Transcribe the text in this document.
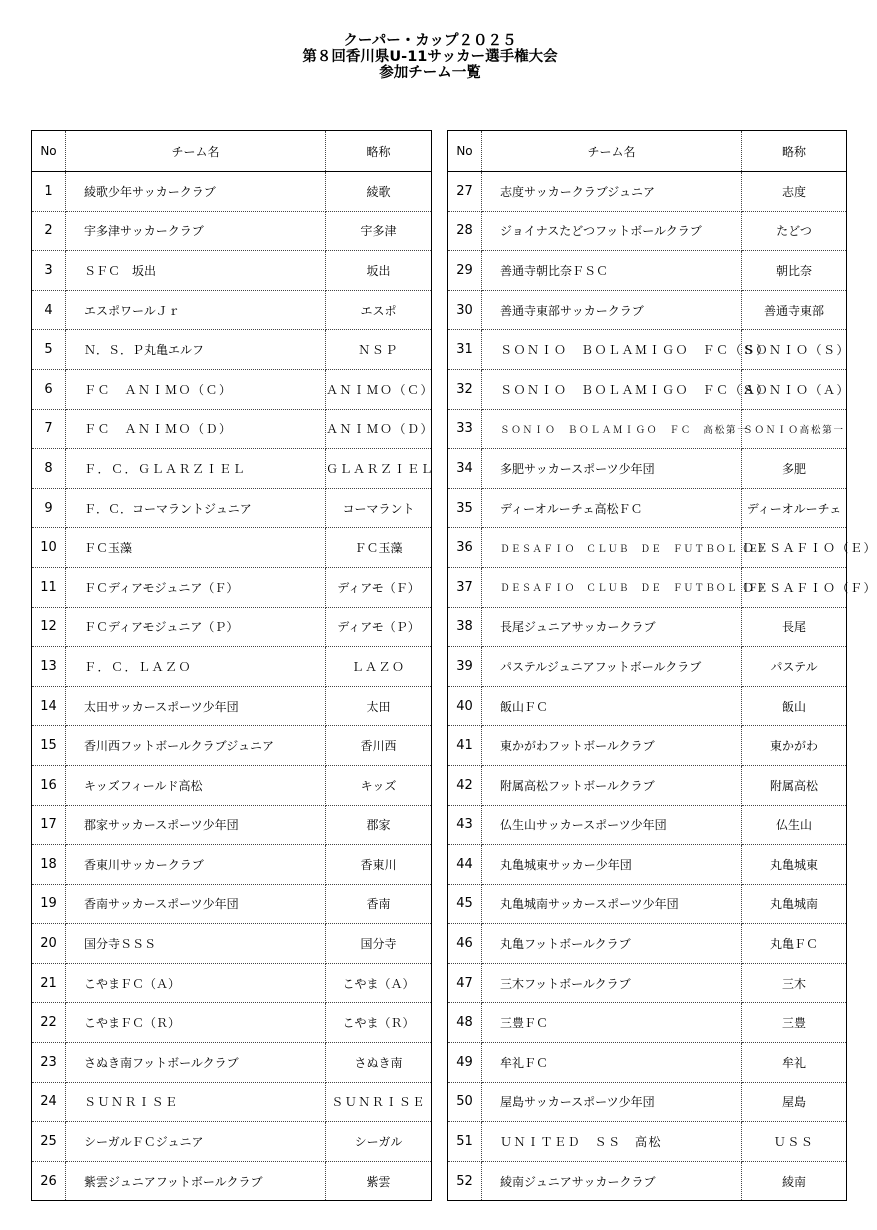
クーパー・カップ２０２５
第８回香川県U-11サッカー選手権大会
参加チーム一覧
No	チーム名	略称
1	綾歌少年サッカークラブ	綾歌
2	宇多津サッカークラブ	宇多津
3	ＳＦＣ　坂出	坂出
4	エスポワールＪｒ	エスポ
5	Ｎ．Ｓ．Ｐ丸亀エルフ	ＮＳＰ
6	ＦＣ　ＡＮＩＭＯ（Ｃ）	ＡＮＩＭＯ（Ｃ）
7	ＦＣ　ＡＮＩＭＯ（Ｄ）	ＡＮＩＭＯ（Ｄ）
8	Ｆ．Ｃ．ＧＬＡＲＺＩＥＬ	ＧＬＡＲＺＩＥＬ
9	Ｆ．Ｃ．コーマラントジュニア	コーマラント
10	ＦＣ玉藻	ＦＣ玉藻
11	ＦＣディアモジュニア（Ｆ）	ディアモ（Ｆ）
12	ＦＣディアモジュニア（Ｐ）	ディアモ（Ｐ）
13	Ｆ．Ｃ．ＬＡＺＯ	ＬＡＺＯ
14	太田サッカースポーツ少年団	太田
15	香川西フットボールクラブジュニア	香川西
16	キッズフィールド高松	キッズ
17	郡家サッカースポーツ少年団	郡家
18	香東川サッカークラブ	香東川
19	香南サッカースポーツ少年団	香南
20	国分寺ＳＳＳ	国分寺
21	こやまＦＣ（Ａ）	こやま（Ａ）
22	こやまＦＣ（Ｒ）	こやま（Ｒ）
23	さぬき南フットボールクラブ	さぬき南
24	ＳＵＮＲＩＳＥ	ＳＵＮＲＩＳＥ
25	シーガルＦＣジュニア	シーガル
26	紫雲ジュニアフットボールクラブ	紫雲
No	チーム名	略称
27	志度サッカークラブジュニア	志度
28	ジョイナスたどつフットボールクラブ	たどつ
29	善通寺朝比奈ＦＳＣ	朝比奈
30	善通寺東部サッカークラブ	善通寺東部
31	ＳＯＮＩＯ　ＢＯＬＡＭＩＧＯ　ＦＣ（Ｓ）	ＳＯＮＩＯ（Ｓ）
32	ＳＯＮＩＯ　ＢＯＬＡＭＩＧＯ　ＦＣ（Ａ）	ＳＯＮＩＯ（Ａ）
33	ＳＯＮＩＯ　ＢＯＬＡＭＩＧＯ　ＦＣ　高松第一	ＳＯＮＩＯ高松第一
34	多肥サッカースポーツ少年団	多肥
35	ディーオルーチェ高松ＦＣ	ディーオルーチェ
36	ＤＥＳＡＦＩＯ　ＣＬＵＢ　ＤＥ　ＦＵＴＢＯＬ（Ｅ）	ＤＥＳＡＦＩＯ（Ｅ）
37	ＤＥＳＡＦＩＯ　ＣＬＵＢ　ＤＥ　ＦＵＴＢＯＬ（Ｆ）	ＤＥＳＡＦＩＯ（Ｆ）
38	長尾ジュニアサッカークラブ	長尾
39	パステルジュニアフットボールクラブ	パステル
40	飯山ＦＣ	飯山
41	東かがわフットボールクラブ	東かがわ
42	附属高松フットボールクラブ	附属高松
43	仏生山サッカースポーツ少年団	仏生山
44	丸亀城東サッカー少年団	丸亀城東
45	丸亀城南サッカースポーツ少年団	丸亀城南
46	丸亀フットボールクラブ	丸亀ＦＣ
47	三木フットボールクラブ	三木
48	三豊ＦＣ	三豊
49	牟礼ＦＣ	牟礼
50	屋島サッカースポーツ少年団	屋島
51	ＵＮＩＴＥＤ　ＳＳ　高松	ＵＳＳ
52	綾南ジュニアサッカークラブ	綾南
